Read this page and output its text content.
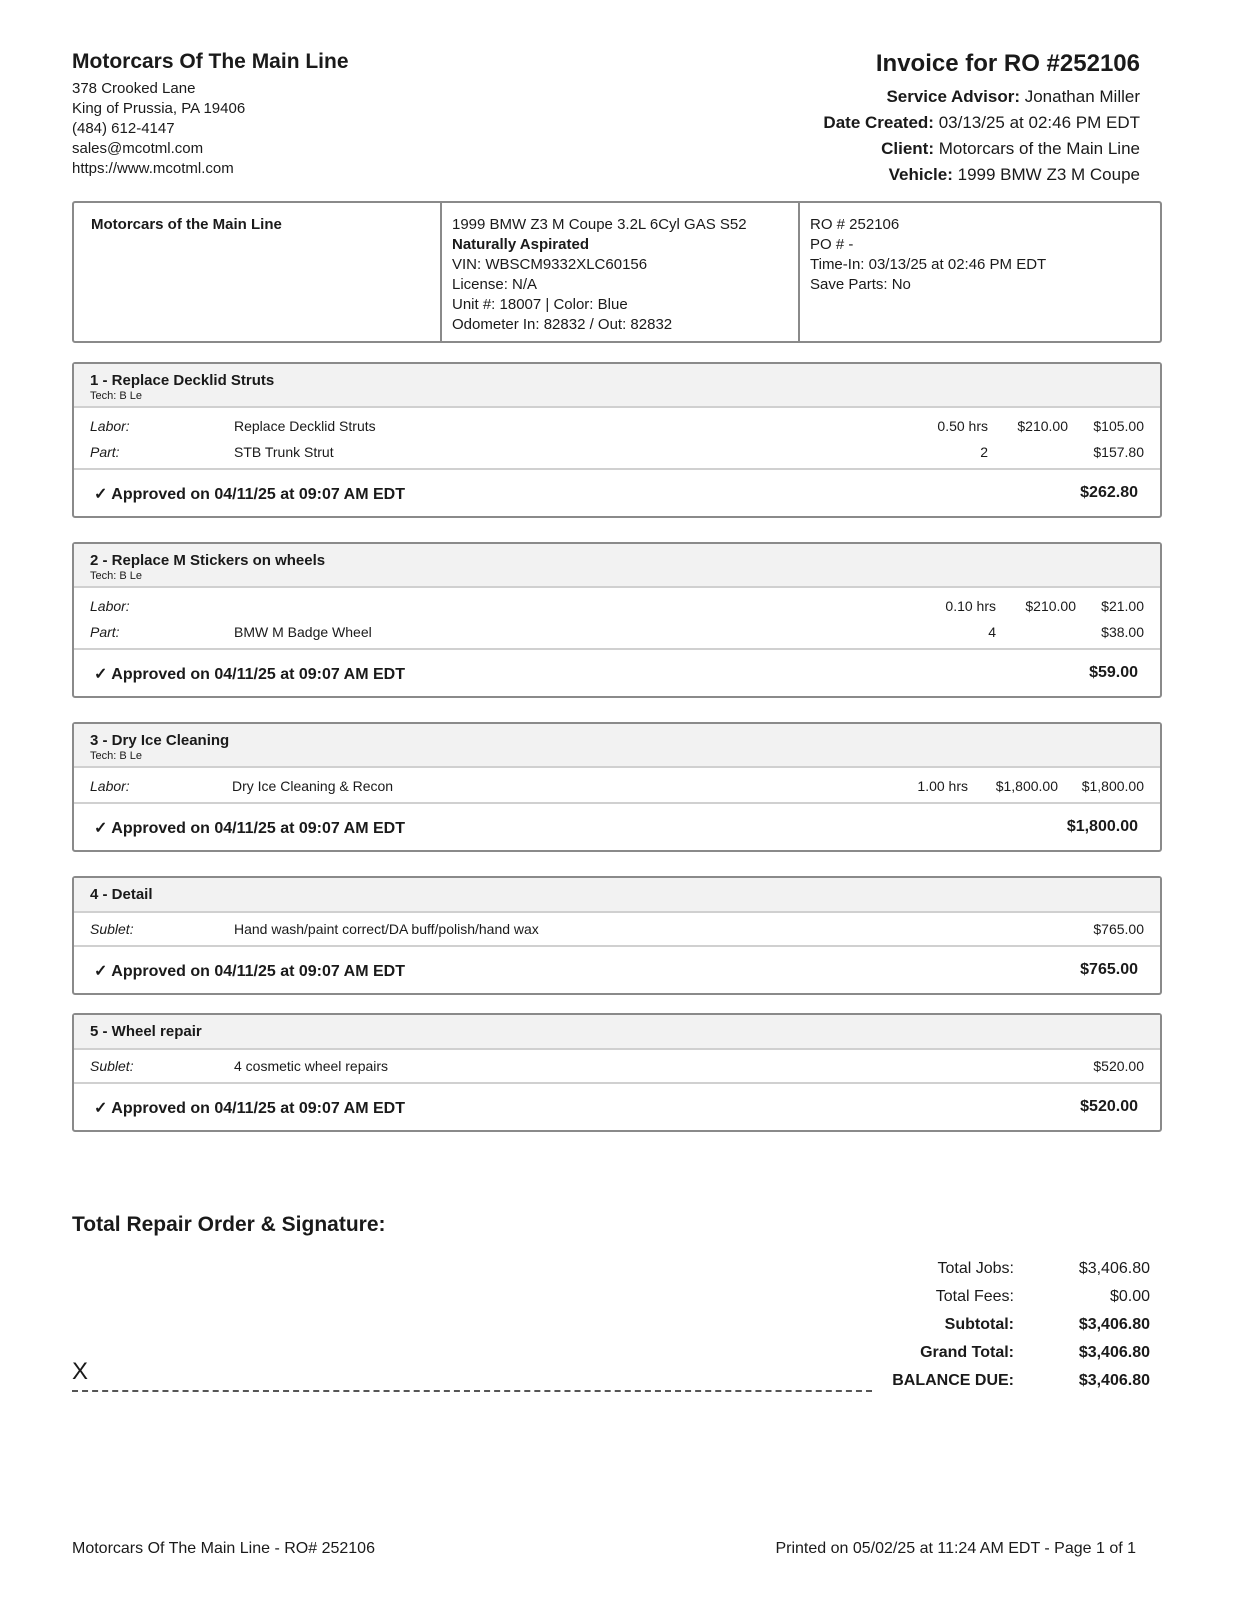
Motorcars Of The Main Line
378 Crooked Lane
King of Prussia, PA 19406
(484) 612-4147
sales@mcotml.com
https://www.mcotml.com
Invoice for RO #252106
Service Advisor: Jonathan Miller
Date Created: 03/13/25 at 02:46 PM EDT
Client: Motorcars of the Main Line
Vehicle: 1999 BMW Z3 M Coupe
Motorcars of the Main Line	1999 BMW Z3 M Coupe 3.2L 6Cyl GAS S52
Naturally Aspirated
VIN: WBSCM9332XLC60156
License: N/A
Unit #: 18007 | Color: Blue
Odometer In: 82832 / Out: 82832
RO # 252106
PO # -
Time-In: 03/13/25 at 02:46 PM EDT
Save Parts: No
1 - Replace Decklid Struts
Tech: B Le
Labor:	Replace Decklid Struts	0.50 hrs $210.00 $105.00
Part:	STB Trunk Strut	2	$157.80
✓ Approved on 04/11/25 at 09:07 AM EDT	$262.80
2 - Replace M Stickers on wheels
Tech: B Le
Labor:	0.10 hrs $210.00 $21.00
Part:	BMW M Badge Wheel	4	$38.00
✓ Approved on 04/11/25 at 09:07 AM EDT	$59.00
3 - Dry Ice Cleaning
Tech: B Le
Labor:	Dry Ice Cleaning & Recon	1.00 hrs $1,800.00 $1,800.00
✓ Approved on 04/11/25 at 09:07 AM EDT	$1,800.00
4 - Detail
Sublet:	Hand wash/paint correct/DA buff/polish/hand wax	$765.00
✓ Approved on 04/11/25 at 09:07 AM EDT	$765.00
5 - Wheel repair
Sublet:	4 cosmetic wheel repairs	$520.00
✓ Approved on 04/11/25 at 09:07 AM EDT	$520.00
Total Repair Order & Signature:
Total Jobs:	$3,406.80
Total Fees:	$0.00
Subtotal:	$3,406.80
Grand Total:	$3,406.80
BALANCE DUE:	$3,406.80
X
Motorcars Of The Main Line - RO# 252106	Printed on 05/02/25 at 11:24 AM EDT - Page 1 of 1
